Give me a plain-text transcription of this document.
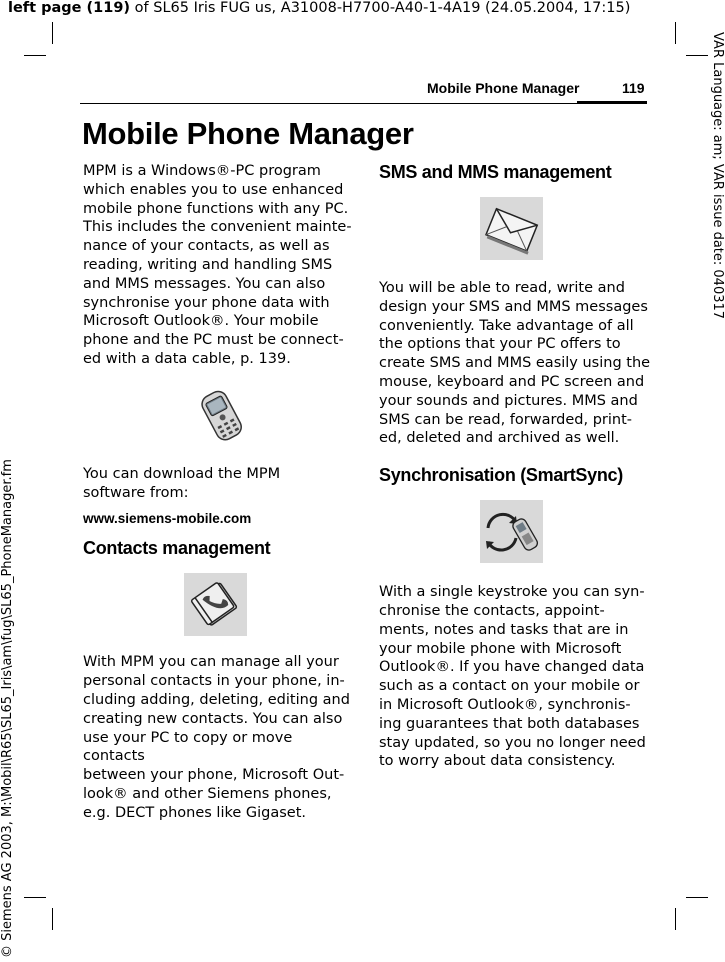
left page (119) of SL65 Iris FUG us, A31008-H7700-A40-1-4A19 (24.05.2004, 17:15)
VAR Language: am; VAR issue date: 040317
© Siemens AG 2003, M:\Mobil\R65\SL65_Iris\am\fug\SL65_PhoneManager.fm
Mobile Phone Manager	119
Mobile Phone Manager

MPM is a Windows®-PC program
which enables you to use enhanced
mobile phone functions with any PC.
This includes the convenient mainte-
nance of your contacts, as well as
reading, writing and handling SMS
and MMS messages. You can also
synchronise your phone data with
Microsoft Outlook®. Your mobile
phone and the PC must be connect-
ed with a data cable, p. 139.

You can download the MPM
software from:

www.siemens-mobile.com

Contacts management

With MPM you can manage all your
personal contacts in your phone, in-
cluding adding, deleting, editing and
creating new contacts. You can also
use your PC to copy or move contacts
between your phone, Microsoft Out-
look® and other Siemens phones,
e.g. DECT phones like Gigaset.

SMS and MMS management

You will be able to read, write and
design your SMS and MMS messages
conveniently. Take advantage of all
the options that your PC offers to
create SMS and MMS easily using the
mouse, keyboard and PC screen and
your sounds and pictures. MMS and
SMS can be read, forwarded, print-
ed, deleted and archived as well.

Synchronisation (SmartSync)

With a single keystroke you can syn-
chronise the contacts, appoint-
ments, notes and tasks that are in
your mobile phone with Microsoft
Outlook®. If you have changed data
such as a contact on your mobile or
in Microsoft Outlook®, synchronis-
ing guarantees that both databases
stay updated, so you no longer need
to worry about data consistency.
